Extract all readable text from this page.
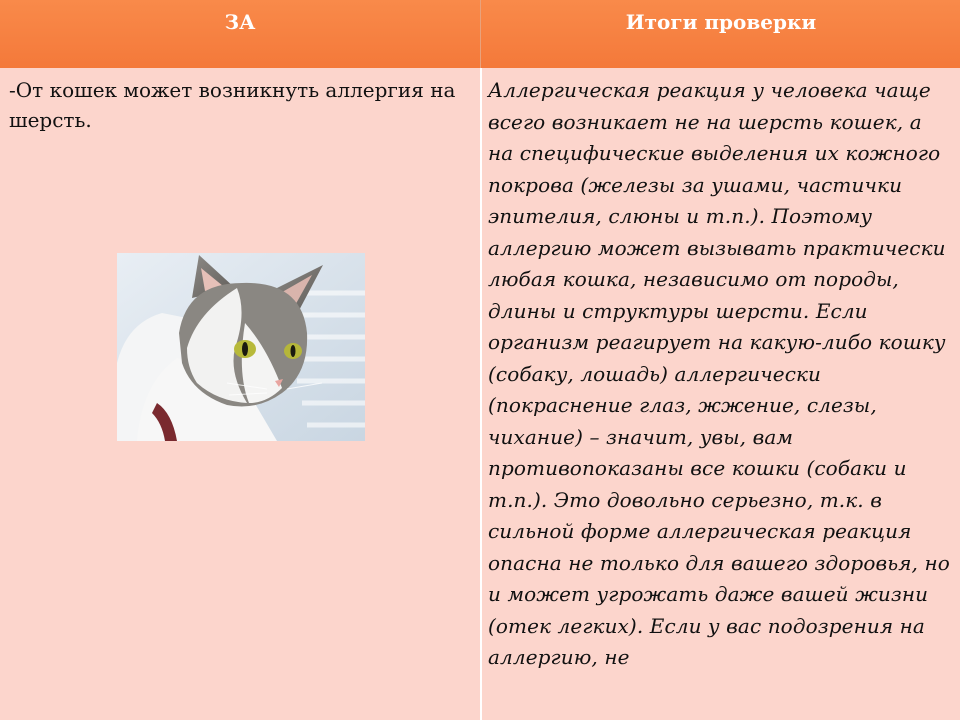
ЗА	Итоги проверки
-От кошек может возникнуть аллергия на шерсть.
Аллергическая реакция у человека чаще всего возникает не на шерсть кошек, а на специфические выделения их кожного покрова (железы за ушами, частички эпителия, слюны и т.п.). Поэтому аллергию может вызывать практически любая кошка, независимо от породы, длины и структуры шерсти. Если организм реагирует на какую-либо кошку (собаку, лошадь) аллергически (покраснение глаз, жжение, слезы, чихание) – значит, увы, вам противопоказаны все кошки (собаки и т.п.). Это довольно серьезно, т.к. в сильной форме аллергическая реакция опасна не только для вашего здоровья, но и может угрожать даже вашей жизни (отек легких). Если у вас подозрения на аллергию, не
